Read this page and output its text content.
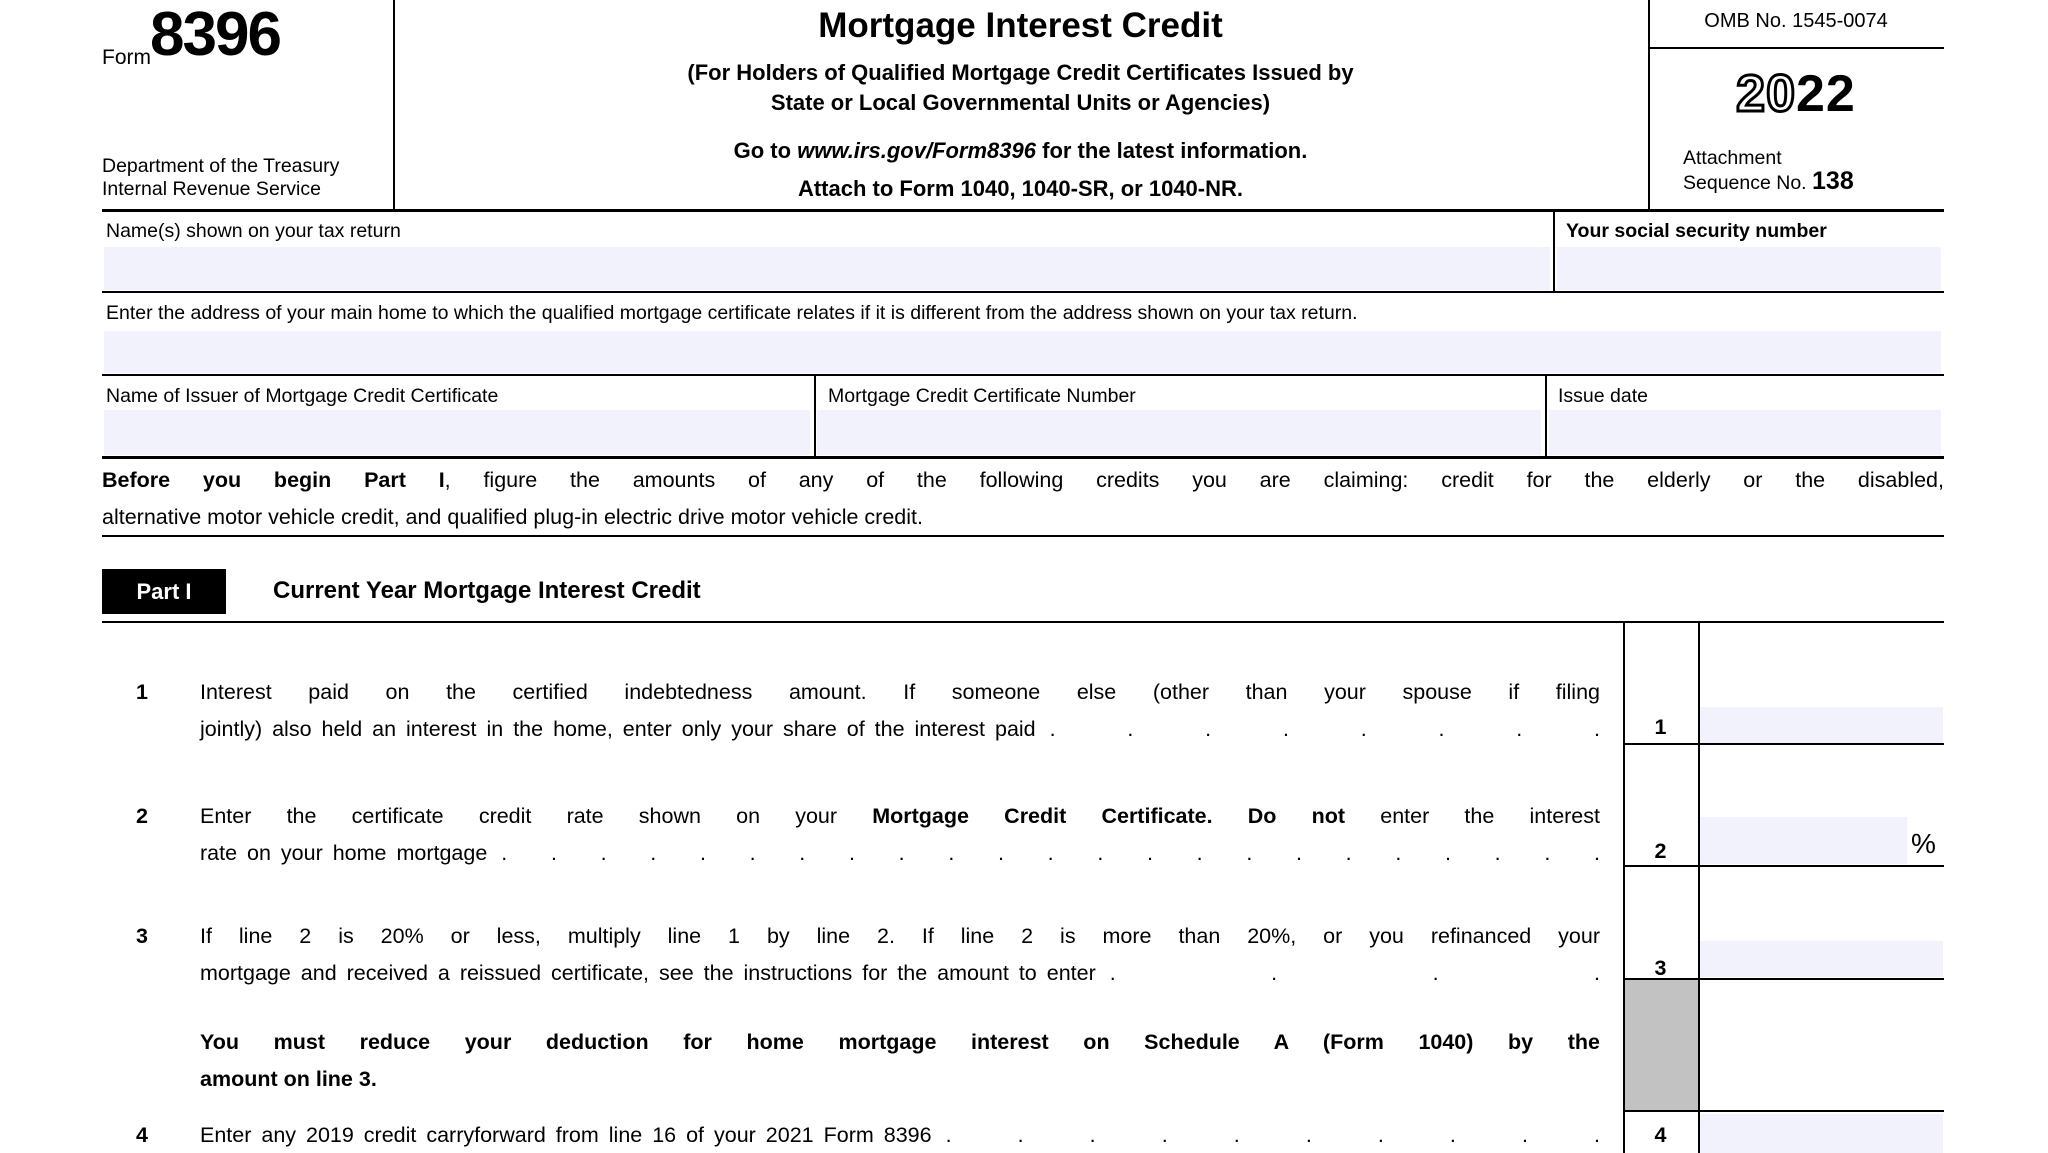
Form 8396
Department of the Treasury
Internal Revenue Service
Mortgage Interest Credit
(For Holders of Qualified Mortgage Credit Certificates Issued by
State or Local Governmental Units or Agencies)
Go to www.irs.gov/Form8396 for the latest information.
Attach to Form 1040, 1040-SR, or 1040-NR.
OMB No. 1545-0074
2022
Attachment
Sequence No. 138
Name(s) shown on your tax return	Your social security number
Enter the address of your main home to which the qualified mortgage certificate relates if it is different from the address shown on your tax return.
Name of Issuer of Mortgage Credit Certificate	Mortgage Credit Certificate Number	Issue date
Before you begin Part I, figure the amounts of any of the following credits you are claiming: credit for the elderly or the disabled,
alternative motor vehicle credit, and qualified plug-in electric drive motor vehicle credit.
Part I	Current Year Mortgage Interest Credit
1 Interest paid on the certified indebtedness amount. If someone else (other than your spouse if filing
jointly) also held an interest in the home, enter only your share of the interest paid . . . . . . . .	1
2 Enter the certificate credit rate shown on your Mortgage Credit Certificate. Do not enter the interest
rate on your home mortgage . . . . . . . . . . . . . . . . . . . . . . .	2	%
3 If line 2 is 20% or less, multiply line 1 by line 2. If line 2 is more than 20%, or you refinanced your
mortgage and received a reissued certificate, see the instructions for the amount to enter . . . .	3
You must reduce your deduction for home mortgage interest on Schedule A (Form 1040) by the
amount on line 3.
4 Enter any 2019 credit carryforward from line 16 of your 2021 Form 8396 . . . . . . . . . .	4
